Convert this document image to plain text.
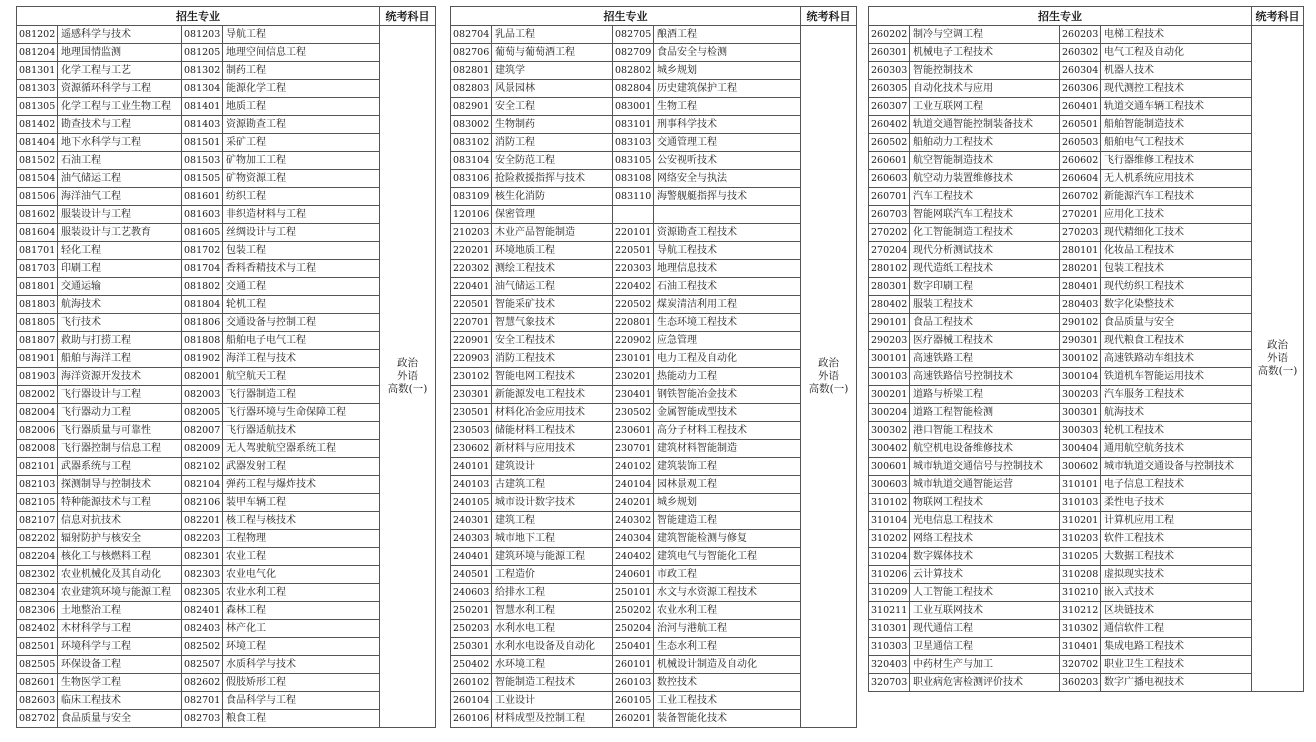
招生专业				统考科目
081202	遥感科学与技术	081203	导航工程	政治
外语
高数(一)

081204	地理国情监测	081205	地理空间信息工程	
081301	化学工程与工艺	081302	制药工程	
081303	资源循环科学与工程	081304	能源化学工程	
081305	化学工程与工业生物工程	081401	地质工程	
081402	勘查技术与工程	081403	资源勘查工程	
081404	地下水科学与工程	081501	采矿工程	
081502	石油工程	081503	矿物加工工程	
081504	油气储运工程	081505	矿物资源工程	
081506	海洋油气工程	081601	纺织工程	
081602	服装设计与工程	081603	非织造材料与工程	
081604	服装设计与工艺教育	081605	丝绸设计与工程	
081701	轻化工程	081702	包装工程	
081703	印刷工程	081704	香料香精技术与工程	
081801	交通运输	081802	交通工程	
081803	航海技术	081804	轮机工程	
081805	飞行技术	081806	交通设备与控制工程	
081807	救助与打捞工程	081808	船舶电子电气工程	
081901	船舶与海洋工程	081902	海洋工程与技术	
081903	海洋资源开发技术	082001	航空航天工程	
082002	飞行器设计与工程	082003	飞行器制造工程	
082004	飞行器动力工程	082005	飞行器环境与生命保障工程	
082006	飞行器质量与可靠性	082007	飞行器适航技术	
082008	飞行器控制与信息工程	082009	无人驾驶航空器系统工程	
082101	武器系统与工程	082102	武器发射工程	
082103	探测制导与控制技术	082104	弹药工程与爆炸技术	
082105	特种能源技术与工程	082106	装甲车辆工程	
082107	信息对抗技术	082201	核工程与核技术	
082202	辐射防护与核安全	082203	工程物理	
082204	核化工与核燃料工程	082301	农业工程	
082302	农业机械化及其自动化	082303	农业电气化	
082304	农业建筑环境与能源工程	082305	农业水利工程	
082306	土地整治工程	082401	森林工程	
082402	木材科学与工程	082403	林产化工	
082501	环境科学与工程	082502	环境工程	
082505	环保设备工程	082507	水质科学与技术	
082601	生物医学工程	082602	假肢矫形工程	
082603	临床工程技术	082701	食品科学与工程	
082702	食品质量与安全	082703	粮食工程	
招生专业				统考科目
082704	乳品工程	082705	酿酒工程	政治
外语
高数(一)

082706	葡萄与葡萄酒工程	082709	食品安全与检测	
082801	建筑学	082802	城乡规划	
082803	风景园林	082804	历史建筑保护工程	
082901	安全工程	083001	生物工程	
083002	生物制药	083101	刑事科学技术	
083102	消防工程	083103	交通管理工程	
083104	安全防范工程	083105	公安视听技术	
083106	抢险救援指挥与技术	083108	网络安全与执法	
083109	核生化消防	083110	海警舰艇指挥与技术	
120106	保密管理			
210203	木业产品智能制造	220101	资源勘查工程技术	
220201	环境地质工程	220501	导航工程技术	
220302	测绘工程技术	220303	地理信息技术	
220401	油气储运工程	220402	石油工程技术	
220501	智能采矿技术	220502	煤炭清洁利用工程	
220701	智慧气象技术	220801	生态环境工程技术	
220901	安全工程技术	220902	应急管理	
220903	消防工程技术	230101	电力工程及自动化	
230102	智能电网工程技术	230201	热能动力工程	
230301	新能源发电工程技术	230401	钢铁智能冶金技术	
230501	材料化冶金应用技术	230502	金属智能成型技术	
230503	储能材料工程技术	230601	高分子材料工程技术	
230602	新材料与应用技术	230701	建筑材料智能制造	
240101	建筑设计	240102	建筑装饰工程	
240103	古建筑工程	240104	园林景观工程	
240105	城市设计数字技术	240201	城乡规划	
240301	建筑工程	240302	智能建造工程	
240303	城市地下工程	240304	建筑智能检测与修复	
240401	建筑环境与能源工程	240402	建筑电气与智能化工程	
240501	工程造价	240601	市政工程	
240603	给排水工程	250101	水文与水资源工程技术	
250201	智慧水利工程	250202	农业水利工程	
250203	水利水电工程	250204	治河与港航工程	
250301	水利水电设备及自动化	250401	生态水利工程	
250402	水环境工程	260101	机械设计制造及自动化	
260102	智能制造工程技术	260103	数控技术	
260104	工业设计	260105	工业工程技术	
260106	材料成型及控制工程	260201	装备智能化技术	
招生专业				统考科目
260202	制冷与空调工程	260203	电梯工程技术	政治
外语
高数(一)

260301	机械电子工程技术	260302	电气工程及自动化	
260303	智能控制技术	260304	机器人技术	
260305	自动化技术与应用	260306	现代测控工程技术	
260307	工业互联网工程	260401	轨道交通车辆工程技术	
260402	轨道交通智能控制装备技术	260501	船舶智能制造技术	
260502	船舶动力工程技术	260503	船舶电气工程技术	
260601	航空智能制造技术	260602	飞行器维修工程技术	
260603	航空动力装置维修技术	260604	无人机系统应用技术	
260701	汽车工程技术	260702	新能源汽车工程技术	
260703	智能网联汽车工程技术	270201	应用化工技术	
270202	化工智能制造工程技术	270203	现代精细化工技术	
270204	现代分析测试技术	280101	化妆品工程技术	
280102	现代造纸工程技术	280201	包装工程技术	
280301	数字印刷工程	280401	现代纺织工程技术	
280402	服装工程技术	280403	数字化染整技术	
290101	食品工程技术	290102	食品质量与安全	
290203	医疗器械工程技术	290301	现代粮食工程技术	
300101	高速铁路工程	300102	高速铁路动车组技术	
300103	高速铁路信号控制技术	300104	铁道机车智能运用技术	
300201	道路与桥梁工程	300203	汽车服务工程技术	
300204	道路工程智能检测	300301	航海技术	
300302	港口智能工程技术	300303	轮机工程技术	
300402	航空机电设备维修技术	300404	通用航空航务技术	
300601	城市轨道交通信号与控制技术	300602	城市轨道交通设备与控制技术	
300603	城市轨道交通智能运营	310101	电子信息工程技术	
310102	物联网工程技术	310103	柔性电子技术	
310104	光电信息工程技术	310201	计算机应用工程	
310202	网络工程技术	310203	软件工程技术	
310204	数字媒体技术	310205	大数据工程技术	
310206	云计算技术	310208	虚拟现实技术	
310209	人工智能工程技术	310210	嵌入式技术	
310211	工业互联网技术	310212	区块链技术	
310301	现代通信工程	310302	通信软件工程	
310303	卫星通信工程	310401	集成电路工程技术	
320403	中药材生产与加工	320702	职业卫生工程技术	
320703	职业病危害检测评价技术	360203	数字广播电视技术	
